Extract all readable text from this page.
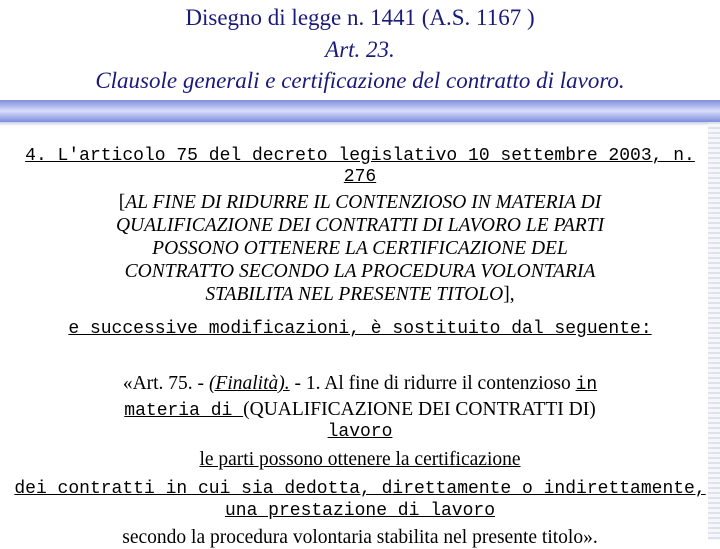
Disegno di legge n. 1441 (A.S. 1167 )
Art. 23.
Clausole generali e certificazione del contratto di lavoro.
4. L'articolo 75 del decreto legislativo 10 settembre 2003, n.
276
[AL FINE DI RIDURRE IL CONTENZIOSO IN MATERIA DI
QUALIFICAZIONE DEI CONTRATTI DI LAVORO LE PARTI
POSSONO OTTENERE LA CERTIFICAZIONE DEL
CONTRATTO SECONDO LA PROCEDURA VOLONTARIA
STABILITA NEL PRESENTE TITOLO],
e successive modificazioni, è sostituito dal seguente:
«Art. 75. - (Finalità). - 1. Al fine di ridurre il contenzioso in
materia di (QUALIFICAZIONE DEI CONTRATTI DI)
lavoro
le parti possono ottenere la certificazione
dei contratti in cui sia dedotta, direttamente o indirettamente,
una prestazione di lavoro
secondo la procedura volontaria stabilita nel presente titolo».
